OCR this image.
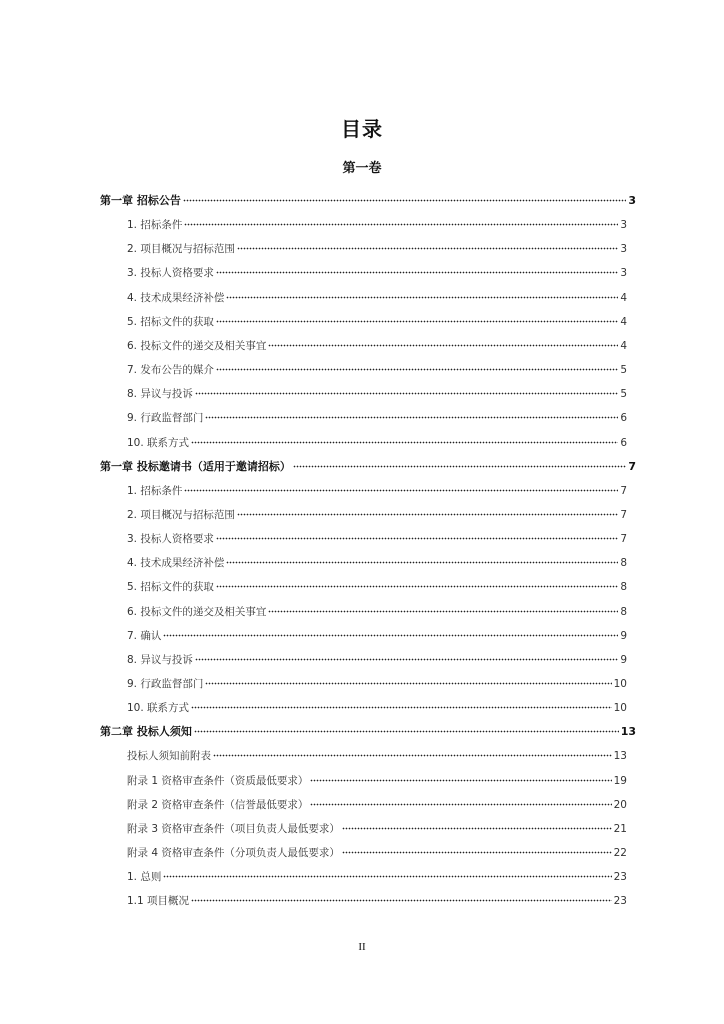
目录
第一卷
第一章 招标公告	3
1. 招标条件	3
2. 项目概况与招标范围	3
3. 投标人资格要求	3
4. 技术成果经济补偿	4
5. 招标文件的获取	4
6. 投标文件的递交及相关事宜	4
7. 发布公告的媒介	5
8. 异议与投诉	5
9. 行政监督部门	6
10. 联系方式	6
第一章 投标邀请书（适用于邀请招标）	7
1. 招标条件	7
2. 项目概况与招标范围	7
3. 投标人资格要求	7
4. 技术成果经济补偿	8
5. 招标文件的获取	8
6. 投标文件的递交及相关事宜	8
7. 确认	9
8. 异议与投诉	9
9. 行政监督部门	10
10. 联系方式	10
第二章 投标人须知	13
投标人须知前附表	13
附录 1 资格审查条件（资质最低要求）	19
附录 2 资格审查条件（信誉最低要求）	20
附录 3 资格审查条件（项目负责人最低要求）	21
附录 4 资格审查条件（分项负责人最低要求）	22
1. 总则	23
1.1 项目概况	23
II
